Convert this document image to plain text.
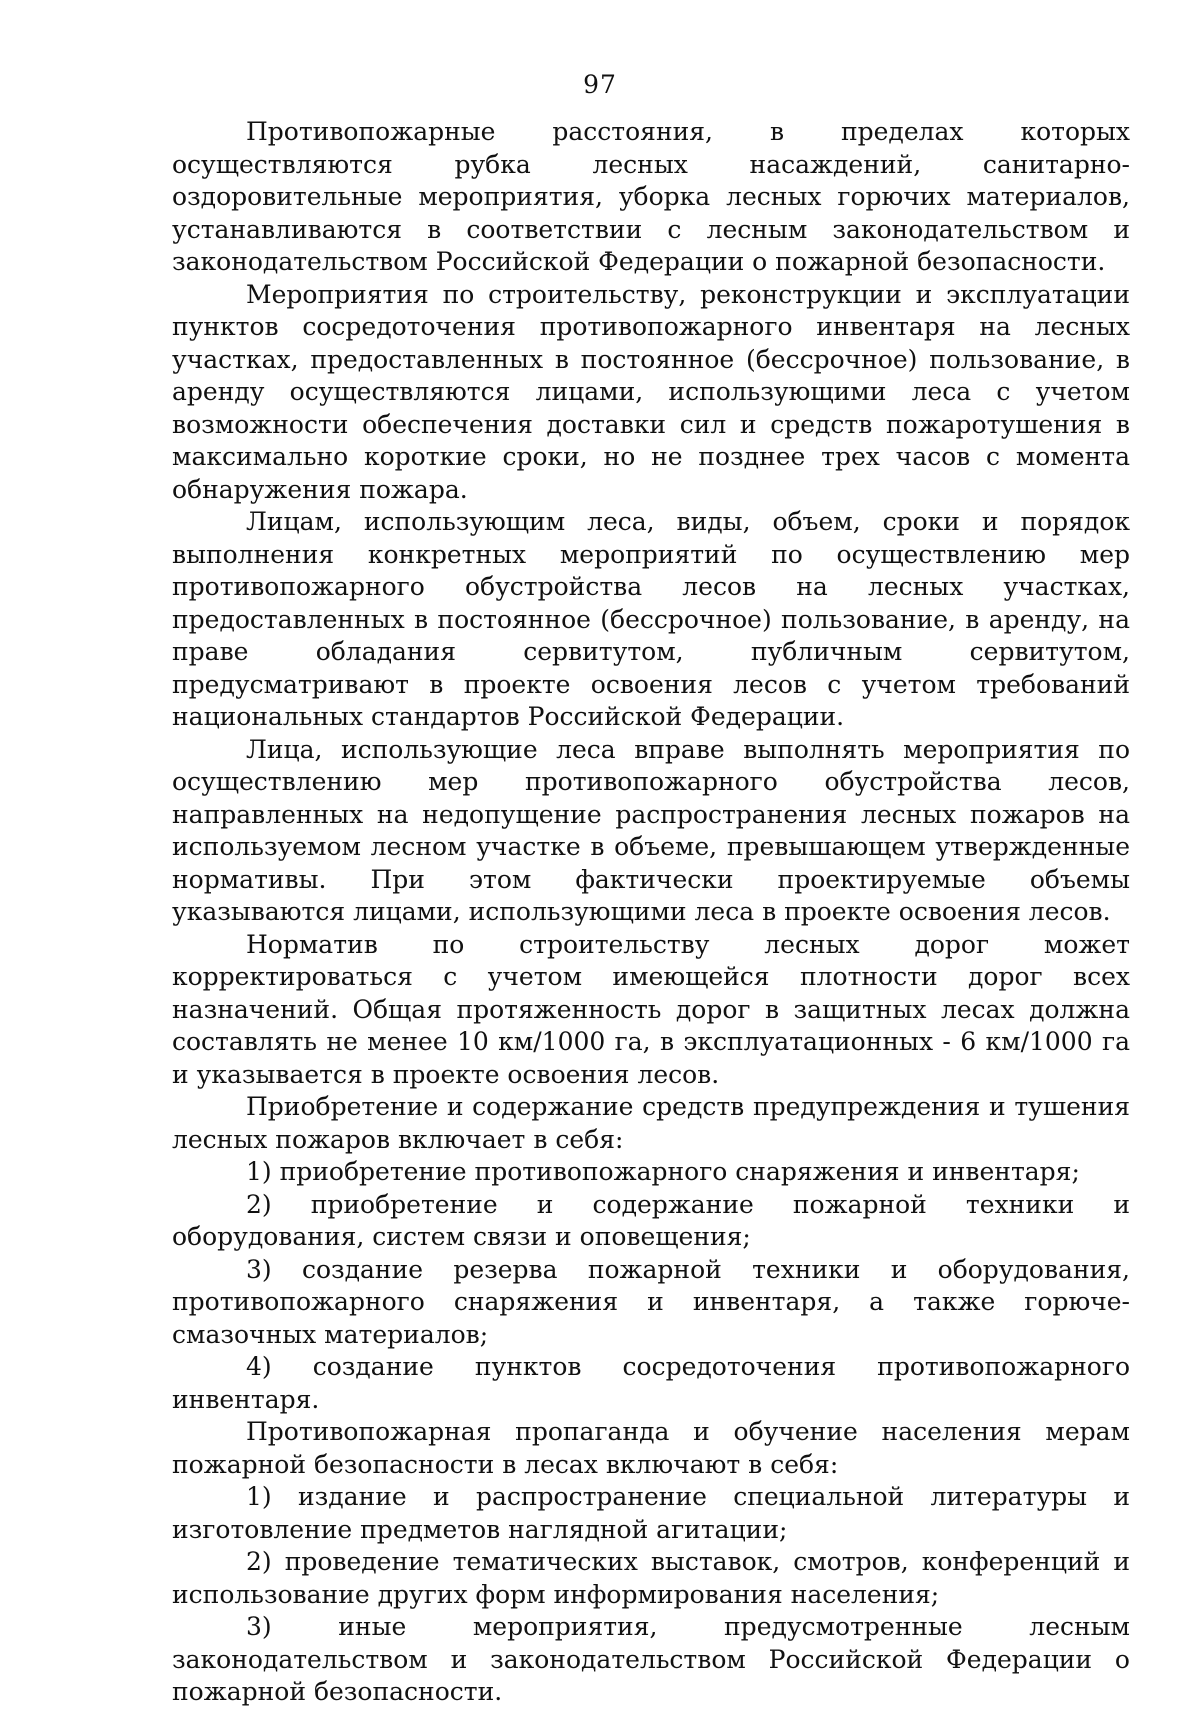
97

Противопожарные расстояния, в пределах которых осуществляются рубка лесных насаждений, санитарно-оздоровительные мероприятия, уборка лесных горючих материалов, устанавливаются в соответствии с лесным законодательством и законодательством Российской Федерации о пожарной безопасности.

Мероприятия по строительству, реконструкции и эксплуатации пунктов сосредоточения противопожарного инвентаря на лесных участках, предоставленных в постоянное (бессрочное) пользование, в аренду осуществляются лицами, использующими леса с учетом возможности обеспечения доставки сил и средств пожаротушения в максимально короткие сроки, но не позднее трех часов с момента обнаружения пожара.

Лицам, использующим леса, виды, объем, сроки и порядок выполнения конкретных мероприятий по осуществлению мер противопожарного обустройства лесов на лесных участках, предоставленных в постоянное (бессрочное) пользование, в аренду, на праве обладания сервитутом, публичным сервитутом, предусматривают в проекте освоения лесов с учетом требований национальных стандартов Российской Федерации.

Лица, использующие леса вправе выполнять мероприятия по осуществлению мер противопожарного обустройства лесов, направленных на недопущение распространения лесных пожаров на используемом лесном участке в объеме, превышающем утвержденные нормативы. При этом фактически проектируемые объемы указываются лицами, использующими леса в проекте освоения лесов.

Норматив по строительству лесных дорог может корректироваться с учетом имеющейся плотности дорог всех назначений. Общая протяженность дорог в защитных лесах должна составлять не менее 10 км/1000 га, в эксплуатационных - 6 км/1000 га и указывается в проекте освоения лесов.

Приобретение и содержание средств предупреждения и тушения лесных пожаров включает в себя:

1) приобретение противопожарного снаряжения и инвентаря;

2) приобретение и содержание пожарной техники и оборудования, систем связи и оповещения;

3) создание резерва пожарной техники и оборудования, противопожарного снаряжения и инвентаря, а также горюче-смазочных материалов;

4) создание пунктов сосредоточения противопожарного инвентаря.

Противопожарная пропаганда и обучение населения мерам пожарной безопасности в лесах включают в себя:

1) издание и распространение специальной литературы и изготовление предметов наглядной агитации;

2) проведение тематических выставок, смотров, конференций и использование других форм информирования населения;

3) иные мероприятия, предусмотренные лесным законодательством и законодательством Российской Федерации о пожарной безопасности.
